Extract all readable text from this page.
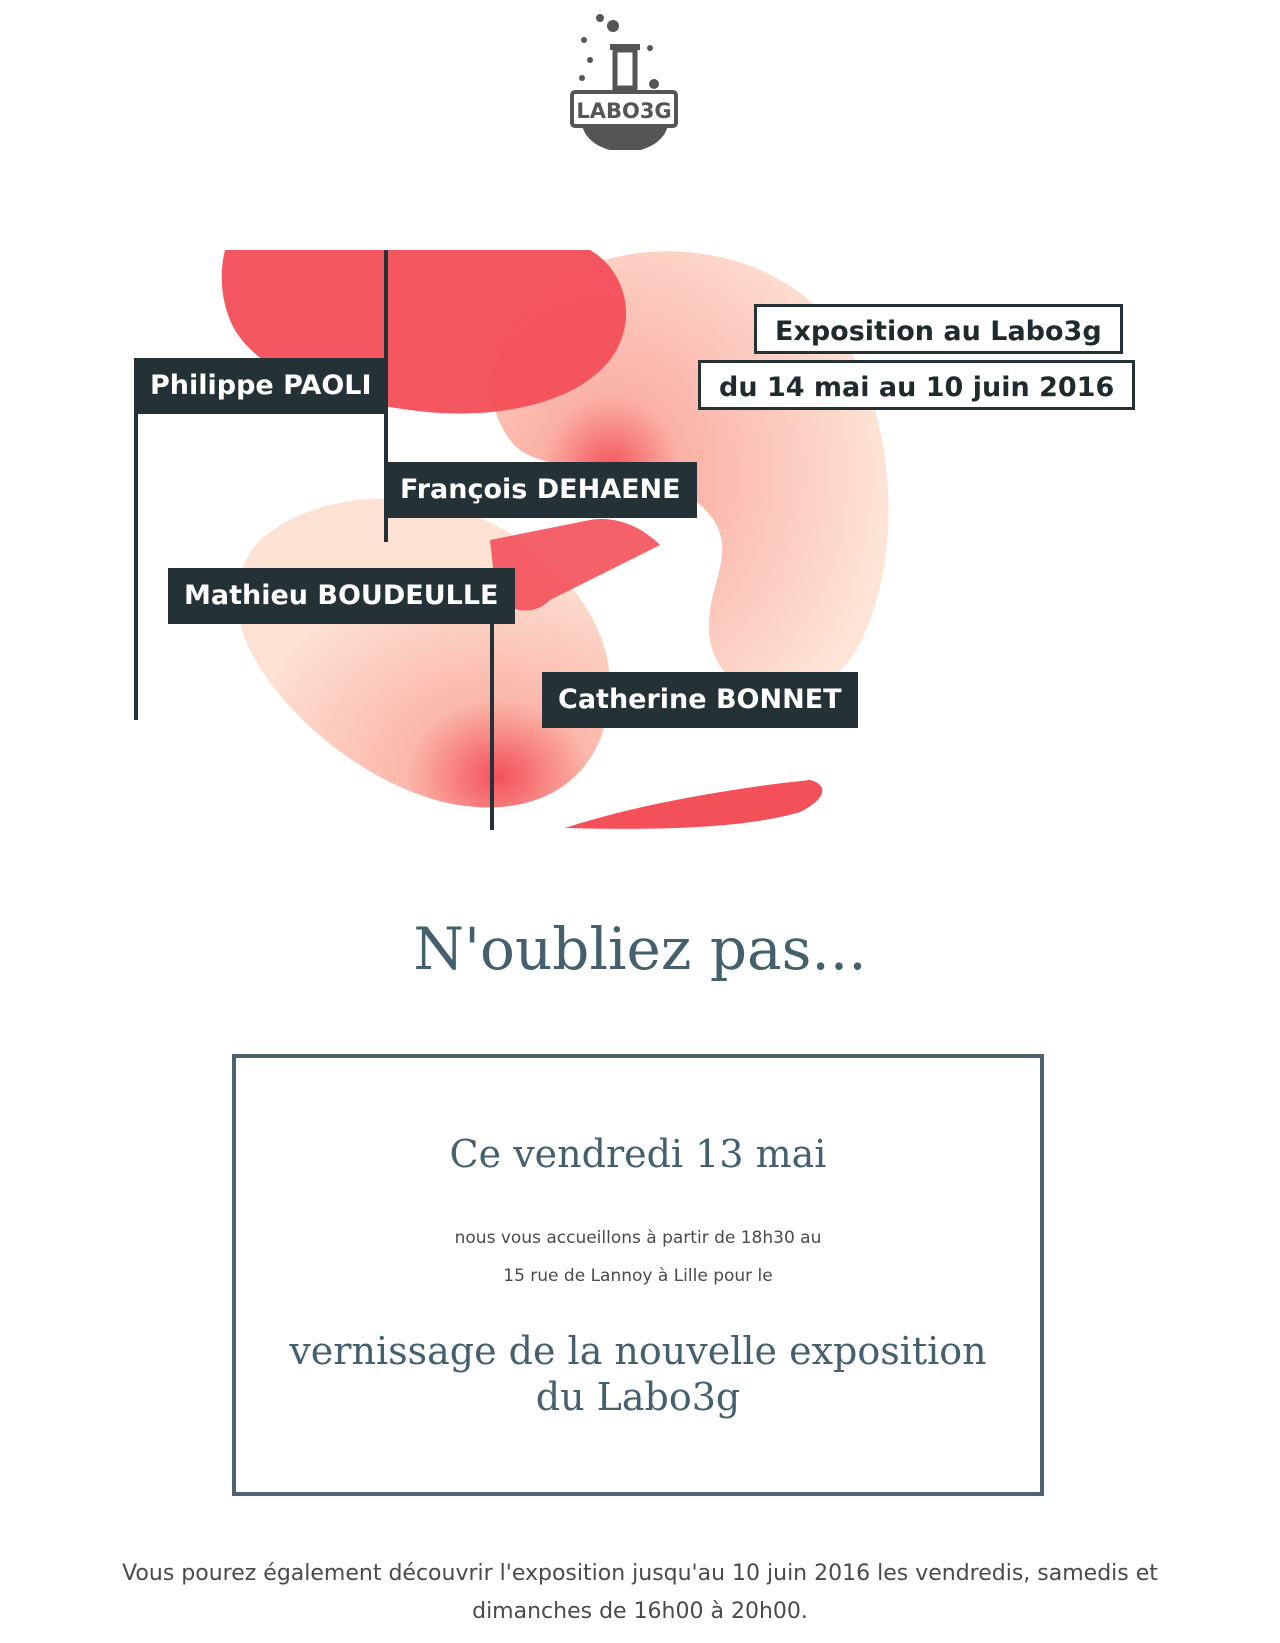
LABO3G
Philippe PAOLI
François DEHAENE
Mathieu BOUDEULLE
Catherine BONNET
Exposition au Labo3g
du 14 mai au 10 juin 2016
N'oubliez pas...
Ce vendredi 13 mai
nous vous accueillons à partir de 18h30 au
15 rue de Lannoy à Lille pour le
vernissage de la nouvelle exposition
du Labo3g
Vous pourez également découvrir l'exposition jusqu'au 10 juin 2016 les vendredis, samedis et
dimanches de 16h00 à 20h00.
